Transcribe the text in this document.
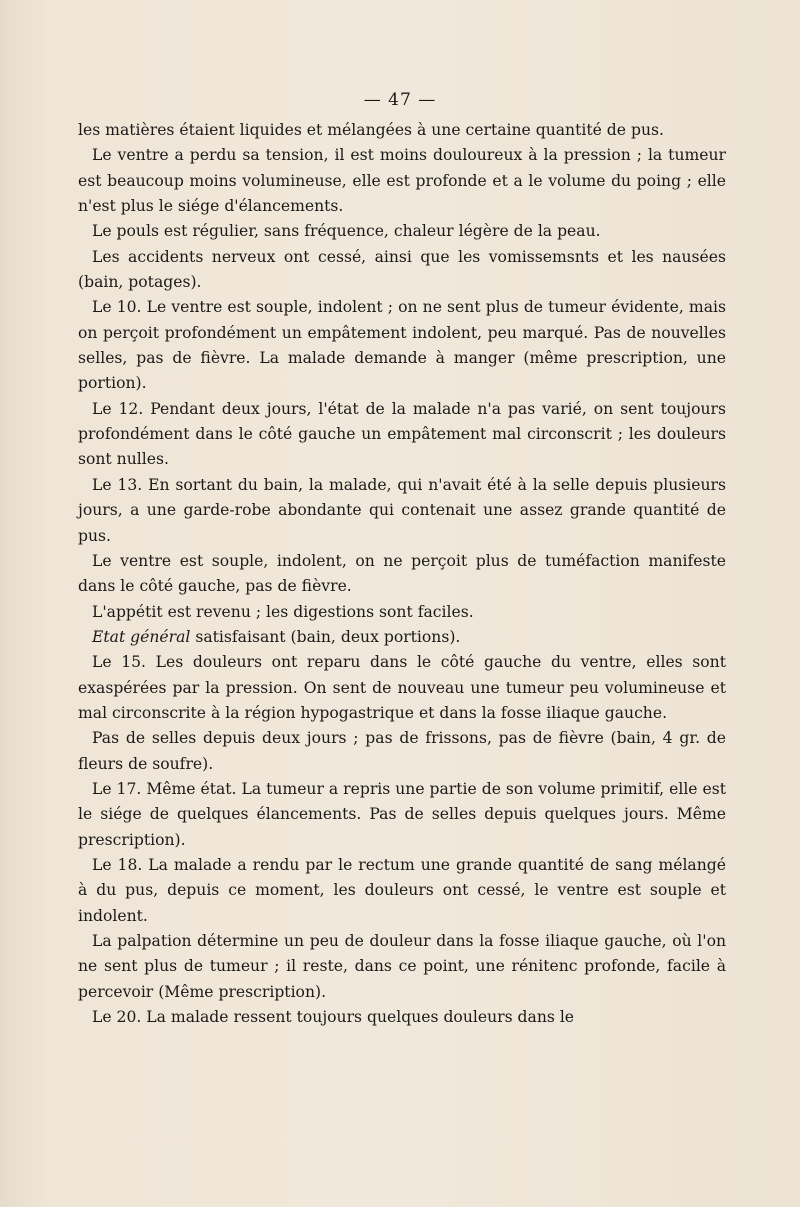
— 47 —

les matières étaient liquides et mélangées à une certaine quantité de pus.

Le ventre a perdu sa tension, il est moins douloureux à la pression ; la tumeur est beaucoup moins volumineuse, elle est profonde et a le volume du poing ; elle n'est plus le siége d'élancements.

Le pouls est régulier, sans fréquence, chaleur légère de la peau.

Les accidents nerveux ont cessé, ainsi que les vomissemsnts et les nausées (bain, potages).

Le 10. Le ventre est souple, indolent ; on ne sent plus de tumeur évidente, mais on perçoit profondément un empâtement indolent, peu marqué. Pas de nouvelles selles, pas de fièvre. La malade demande à manger (même prescription, une portion).

Le 12. Pendant deux jours, l'état de la malade n'a pas varié, on sent toujours profondément dans le côté gauche un empâtement mal circonscrit ; les douleurs sont nulles.

Le 13. En sortant du bain, la malade, qui n'avait été à la selle depuis plusieurs jours, a une garde-robe abondante qui contenait une assez grande quantité de pus.

Le ventre est souple, indolent, on ne perçoit plus de tuméfaction manifeste dans le côté gauche, pas de fièvre.

L'appétit est revenu ; les digestions sont faciles.

Etat général satisfaisant (bain, deux portions).

Le 15. Les douleurs ont reparu dans le côté gauche du ventre, elles sont exaspérées par la pression. On sent de nouveau une tumeur peu volumineuse et mal circonscrite à la région hypogastrique et dans la fosse iliaque gauche.

Pas de selles depuis deux jours ; pas de frissons, pas de fièvre (bain, 4 gr. de fleurs de soufre).

Le 17. Même état. La tumeur a repris une partie de son volume primitif, elle est le siége de quelques élancements. Pas de selles depuis quelques jours. Même prescription).

Le 18. La malade a rendu par le rectum une grande quantité de sang mélangé à du pus, depuis ce moment, les douleurs ont cessé, le ventre est souple et indolent.

La palpation détermine un peu de douleur dans la fosse iliaque gauche, où l'on ne sent plus de tumeur ; il reste, dans ce point, une rénitenc profonde, facile à percevoir (Même prescription).

Le 20. La malade ressent toujours quelques douleurs dans le
